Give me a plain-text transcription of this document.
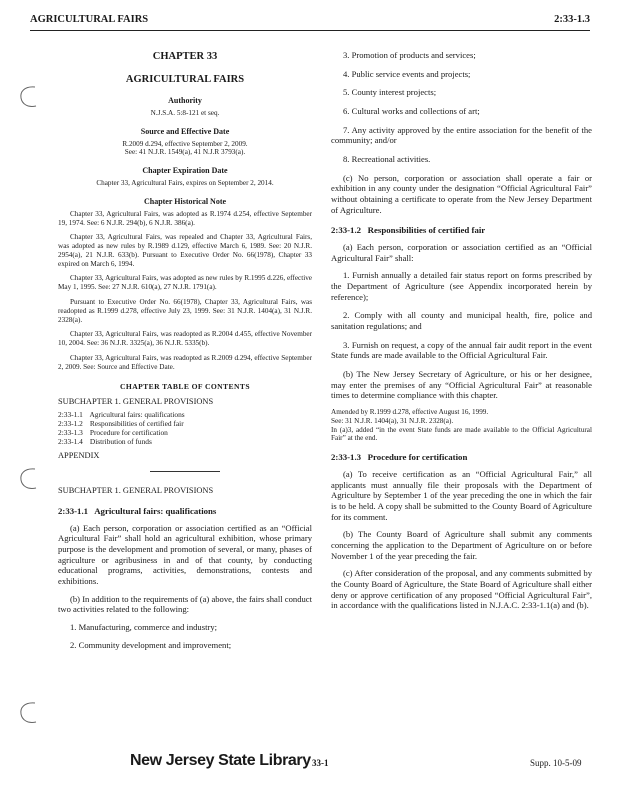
AGRICULTURAL FAIRS	2:33-1.3
CHAPTER 33
AGRICULTURAL FAIRS
Authority
N.J.S.A. 5:8-121 et seq.
Source and Effective Date
R.2009 d.294, effective September 2, 2009.
See: 41 N.J.R. 1549(a), 41 N.J.R 3793(a).
Chapter Expiration Date
Chapter 33, Agricultural Fairs, expires on September 2, 2014.
Chapter Historical Note
Chapter 33, Agricultural Fairs, was adopted as R.1974 d.254, effective September 19, 1974. See: 6 N.J.R. 294(b), 6 N.J.R. 386(a).
Chapter 33, Agricultural Fairs, was repealed and Chapter 33, Agricultural Fairs, was adopted as new rules by R.1989 d.129, effective March 6, 1989. See: 20 N.J.R. 2954(a), 21 N.J.R. 633(b). Pursuant to Executive Order No. 66(1978), Chapter 33 expired on March 6, 1994.
Chapter 33, Agricultural Fairs, was adopted as new rules by R.1995 d.226, effective May 1, 1995. See: 27 N.J.R. 610(a), 27 N.J.R. 1791(a).
Pursuant to Executive Order No. 66(1978), Chapter 33, Agricultural Fairs, was readopted as R.1999 d.278, effective July 23, 1999. See: 31 N.J.R. 1404(a), 31 N.J.R. 2328(a).
Chapter 33, Agricultural Fairs, was readopted as R.2004 d.455, effective November 10, 2004. See: 36 N.J.R. 3325(a), 36 N.J.R. 5335(b).
Chapter 33, Agricultural Fairs, was readopted as R.2009 d.294, effective September 2, 2009. See: Source and Effective Date.
CHAPTER TABLE OF CONTENTS
SUBCHAPTER 1. GENERAL PROVISIONS
2:33-1.1 Agricultural fairs: qualifications
2:33-1.2 Responsibilities of certified fair
2:33-1.3 Procedure for certification
2:33-1.4 Distribution of funds
APPENDIX
SUBCHAPTER 1. GENERAL PROVISIONS
2:33-1.1 Agricultural fairs: qualifications
(a) Each person, corporation or association certified as an “Official Agricultural Fair” shall hold an agricultural exhibition, whose primary purpose is the development and promotion of several, or many, phases of agriculture or agribusiness in and of that county, by conducting educational programs, activities, demonstrations, contests and exhibitions.
(b) In addition to the requirements of (a) above, the fairs shall conduct two activities related to the following:
1. Manufacturing, commerce and industry;
2. Community development and improvement;
3. Promotion of products and services;
4. Public service events and projects;
5. County interest projects;
6. Cultural works and collections of art;
7. Any activity approved by the entire association for the benefit of the community; and/or
8. Recreational activities.
(c) No person, corporation or association shall operate a fair or exhibition in any county under the designation “Official Agricultural Fair” without obtaining a certificate to operate from the New Jersey Department of Agriculture.
2:33-1.2 Responsibilities of certified fair
(a) Each person, corporation or association certified as an “Official Agricultural Fair” shall:
1. Furnish annually a detailed fair status report on forms prescribed by the Department of Agriculture (see Appendix incorporated herein by reference);
2. Comply with all county and municipal health, fire, police and sanitation regulations; and
3. Furnish on request, a copy of the annual fair audit report in the event State funds are made available to the Official Agricultural Fair.
(b) The New Jersey Secretary of Agriculture, or his or her designee, may enter the premises of any “Official Agricultural Fair” at reasonable times to determine compliance with this chapter.
Amended by R.1999 d.278, effective August 16, 1999.
See: 31 N.J.R. 1404(a), 31 N.J.R. 2328(a).
In (a)3, added “in the event State funds are made available to the Official Agricultural Fair” at the end.
2:33-1.3 Procedure for certification
(a) To receive certification as an “Official Agricultural Fair,” all applicants must annually file their proposals with the Department of Agriculture by September 1 of the year preceding the one in which the fair is to be held. A copy shall be submitted to the County Board of Agriculture for its comment.
(b) The County Board of Agriculture shall submit any comments concerning the application to the Department of Agriculture on or before November 1 of the year preceding the fair.
(c) After consideration of the proposal, and any comments submitted by the County Board of Agriculture, the State Board of Agriculture shall either deny or approve certification of any proposed “Official Agricultural Fair”, in accordance with the qualifications listed in N.J.A.C. 2:33-1.1(a) and (b).
New Jersey State Library 33-1	Supp. 10-5-09
